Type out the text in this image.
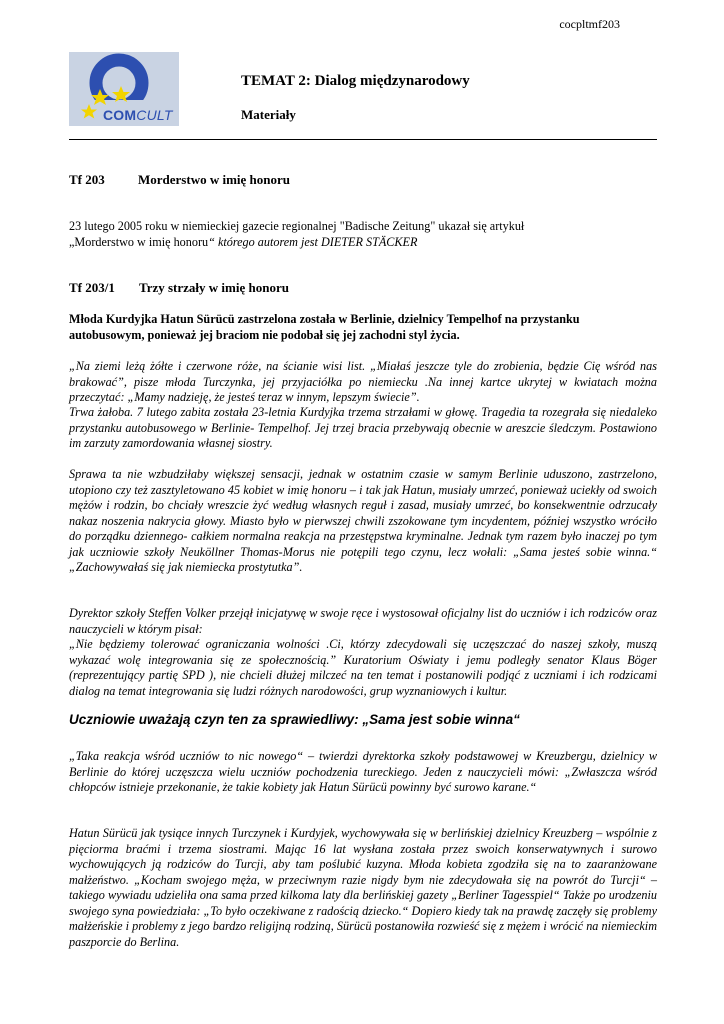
cocpltmf203
COMCULT
TEMAT 2: Dialog międzynarodowy
Materiały
Tf 203	Morderstwo w imię honoru
23 lutego 2005 roku w niemieckiej gazecie regionalnej "Badische Zeitung" ukazał się artykuł
„Morderstwo w imię honoru“ którego autorem jest DIETER STÄCKER
Tf 203/1 Trzy strzały w imię honoru
Młoda Kurdyjka Hatun Sürücü zastrzelona została w Berlinie, dzielnicy Tempelhof na przystanku autobusowym, ponieważ jej braciom nie podobał się jej zachodni styl życia.
„Na ziemi leżą żółte i czerwone róże, na ścianie wisi list. „Miałaś jeszcze tyle do zrobienia, będzie Cię wśród nas brakować”, pisze młoda Turczynka, jej przyjaciółka po niemiecku .Na innej kartce ukrytej w kwiatach można przeczytać: „Mamy nadzieję, że jesteś teraz w innym, lepszym świecie”.
Trwa żałoba. 7 lutego zabita została 23-letnia Kurdyjka trzema strzałami w głowę. Tragedia ta rozegrała się niedaleko przystanku autobusowego w Berlinie- Tempelhof. Jej trzej bracia przebywają obecnie w areszcie śledczym. Postawiono im zarzuty zamordowania własnej siostry.
Sprawa ta nie wzbudziłaby większej sensacji, jednak w ostatnim czasie w samym Berlinie uduszono, zastrzelono, utopiono czy też zasztyletowano 45 kobiet w imię honoru – i tak jak Hatun, musiały umrzeć, ponieważ uciekły od swoich mężów i rodzin, bo chciały wreszcie żyć według własnych reguł i zasad, musiały umrzeć, bo konsekwentnie odrzucały nakaz noszenia nakrycia głowy. Miasto było w pierwszej chwili zszokowane tym incydentem, później wszystko wróciło do porządku dziennego- całkiem normalna reakcja na przestępstwa kryminalne. Jednak tym razem było inaczej po tym jak uczniowie szkoły Neuköllner Thomas-Morus nie potępili tego czynu, lecz wołali: „Sama jesteś sobie winna.“ „Zachowywałaś się jak niemiecka prostytutka”.
Dyrektor szkoły Steffen Volker przejął inicjatywę w swoje ręce i wystosował oficjalny list do uczniów i ich rodziców oraz nauczycieli w którym pisał:
„Nie będziemy tolerować ograniczania wolności .Ci, którzy zdecydowali się uczęszczać do naszej szkoły, muszą wykazać wolę integrowania się ze społecznością.” Kuratorium Oświaty i jemu podległy senator Klaus Böger (reprezentujący partię SPD ), nie chcieli dłużej milczeć na ten temat i postanowili podjąć z uczniami i ich rodzicami dialog na temat integrowania się ludzi różnych narodowości, grup wyznaniowych i kultur.
Uczniowie uważają czyn ten za sprawiedliwy: „Sama jest sobie winna“
„Taka reakcja wśród uczniów to nic nowego“ – twierdzi dyrektorka szkoły podstawowej w Kreuzbergu, dzielnicy w Berlinie do której uczęszcza wielu uczniów pochodzenia tureckiego. Jeden z nauczycieli mówi: „Zwłaszcza wśród chłopców istnieje przekonanie, że takie kobiety jak Hatun Sürücü powinny być surowo karane.“
Hatun Sürücü jak tysiące innych Turczynek i Kurdyjek, wychowywała się w berlińskiej dzielnicy Kreuzberg – wspólnie z pięciorma braćmi i trzema siostrami. Mając 16 lat wysłana została przez swoich konserwatywnych i surowo wychowujących ją rodziców do Turcji, aby tam poślubić kuzyna. Młoda kobieta zgodziła się na to zaaranżowane małżeństwo. „Kocham swojego męża, w przeciwnym razie nigdy bym nie zdecydowała się na powrót do Turcji“ – takiego wywiadu udzieliła ona sama przed kilkoma laty dla berlińskiej gazety „Berliner Tagesspiel“ Także po urodzeniu swojego syna powiedziała: „To było oczekiwane z radością dziecko.“ Dopiero kiedy tak na prawdę zaczęły się problemy małżeńskie i problemy z jego bardzo religijną rodziną, Sürücü postanowiła rozwieść się z mężem i wrócić na niemieckim paszporcie do Berlina.
